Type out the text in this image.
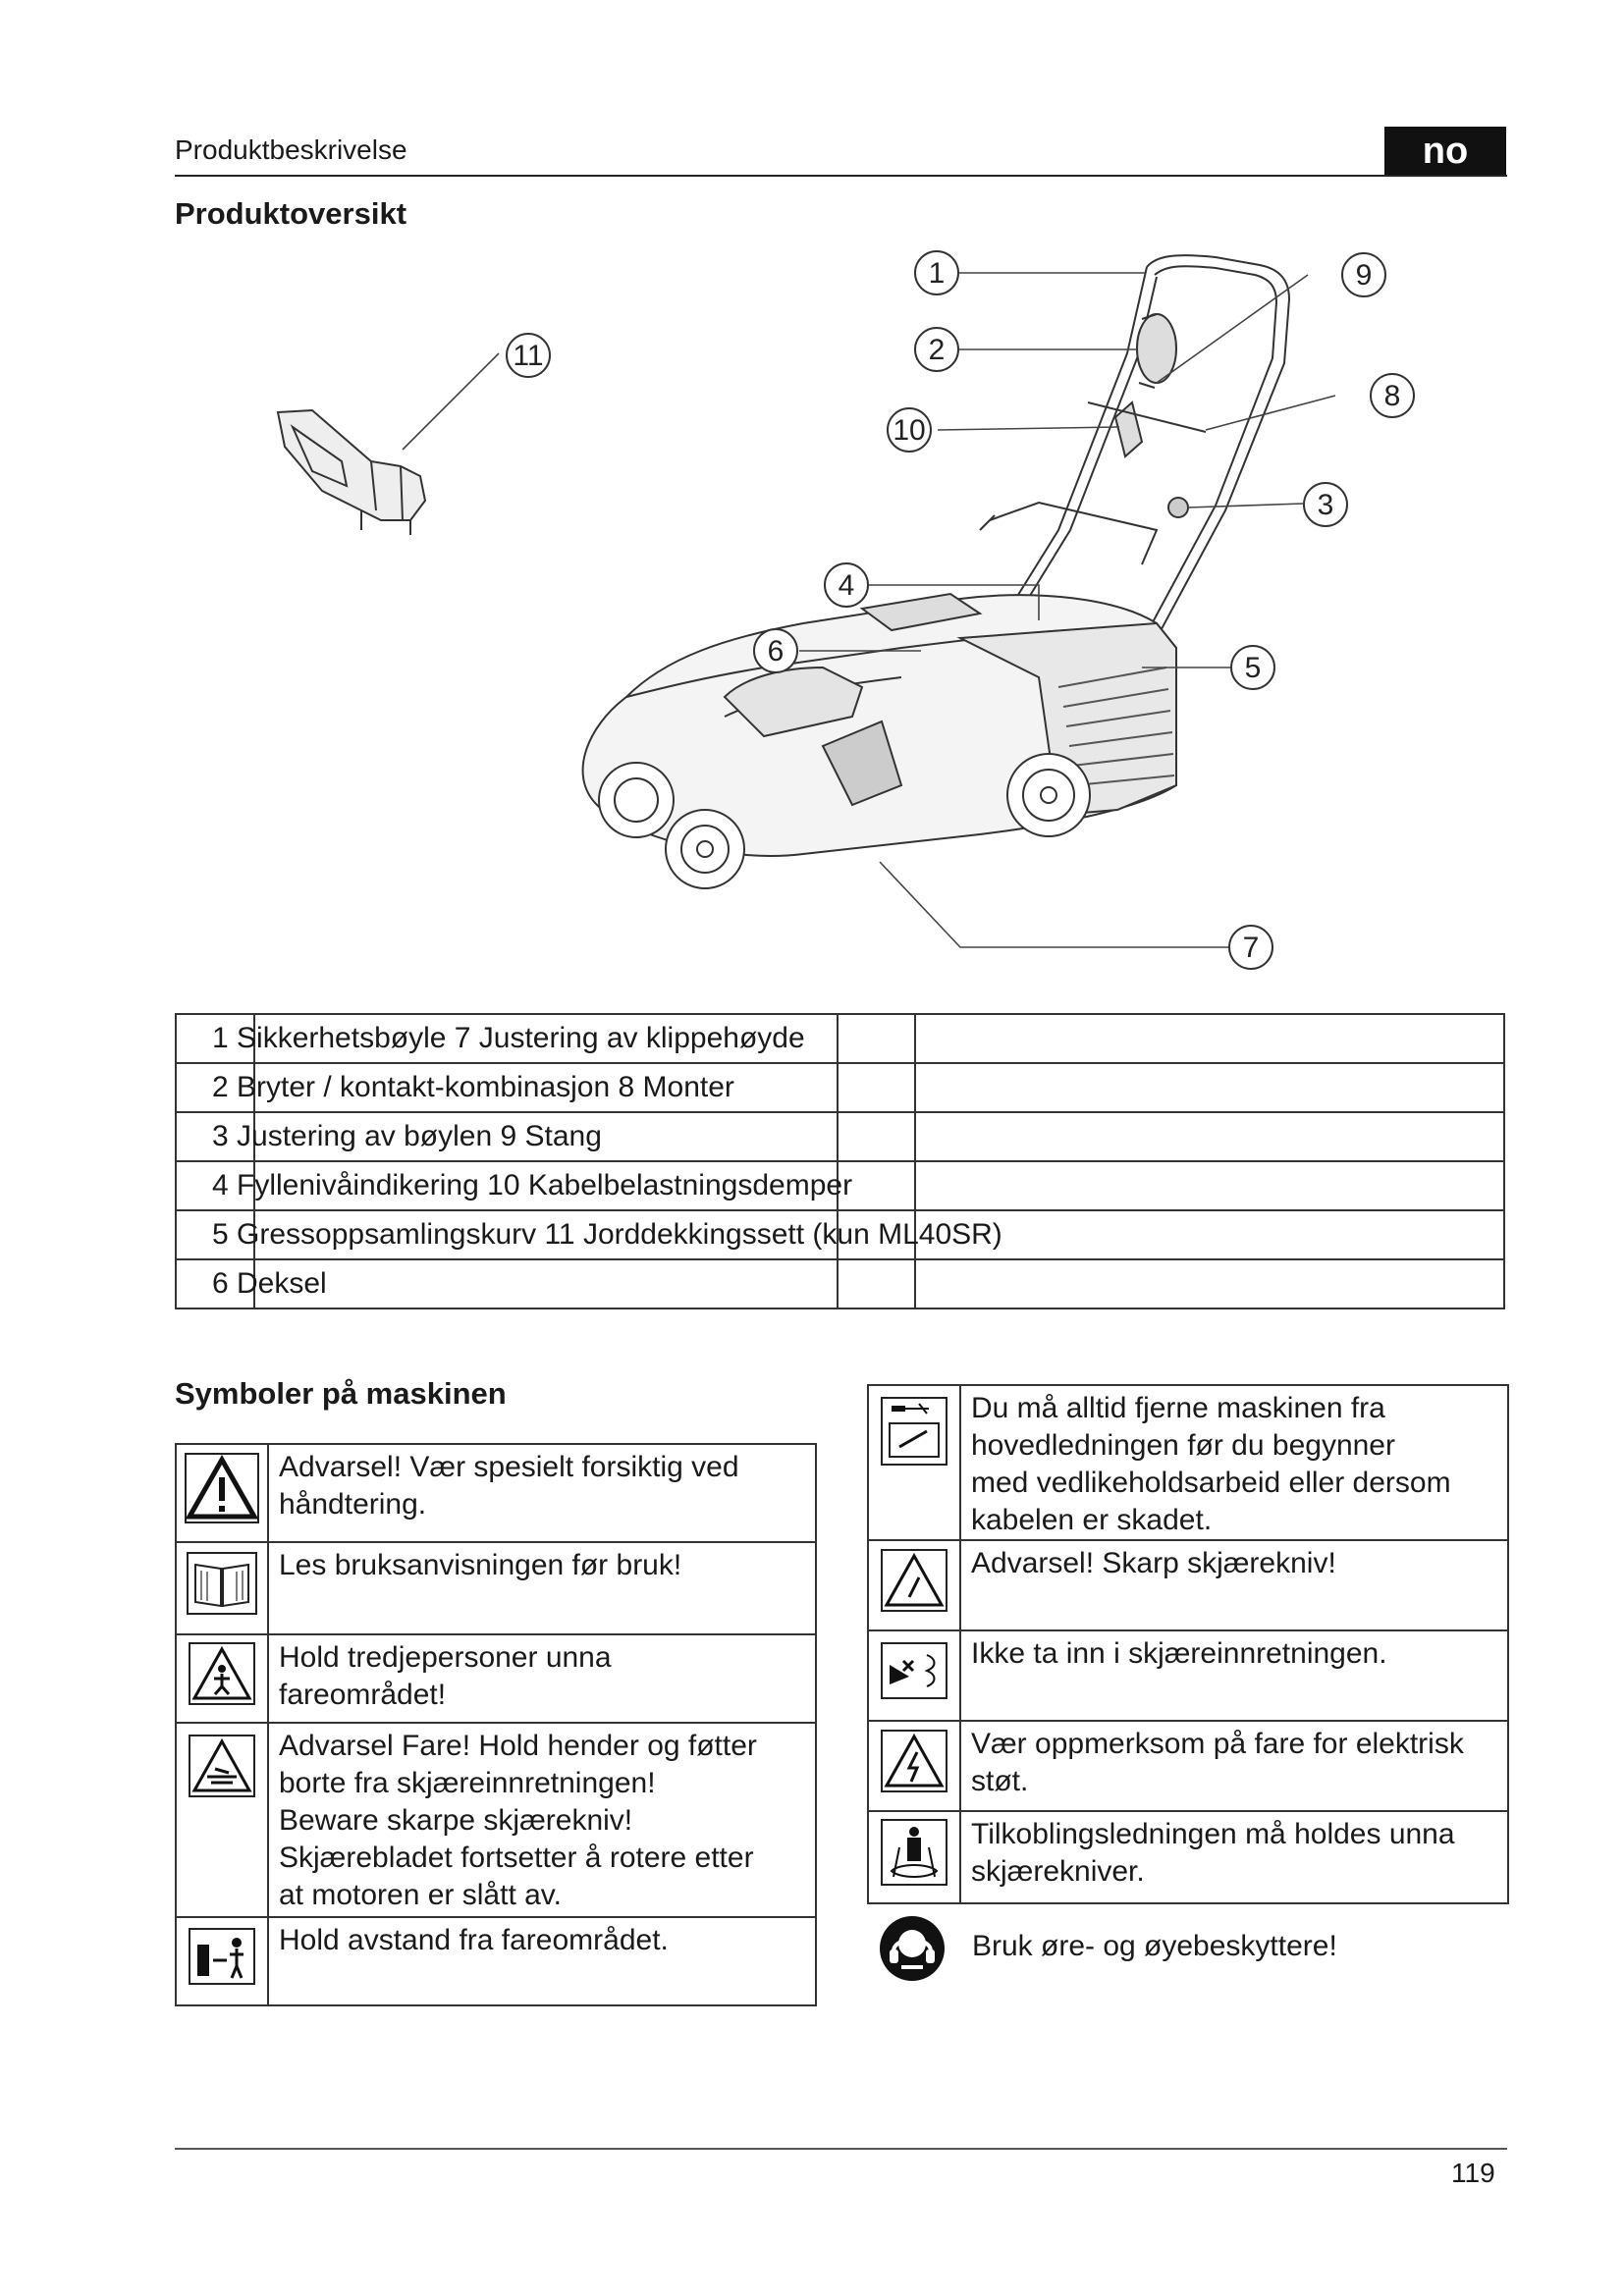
Produktbeskrivelse	no
Produktoversikt
1
2
10
9
8
3
4
6
5
7
11
1 Sikkerhetsbøyle 7 Justering av klippehøyde			

2 Bryter / kontakt-kombinasjon 8 Monter			

3 Justering av bøylen 9 Stang			

4 Fyllenivåindikering 10 Kabelbelastningsdemper			

5 Gressoppsamlingskurv 11 Jorddekkingssett (kun ML40SR)			

6 Deksel			

Symboler på maskinen

Advarsel! Vær spesielt forsiktig ved
håndtering.

Les bruksanvisningen før bruk!

Hold tredjepersoner unna
fareområdet!

Advarsel Fare! Hold hender og føtter
borte fra skjæreinnretningen!
Beware skarpe skjærekniv!
Skjærebladet fortsetter å rotere etter
at motoren er slått av.

Hold avstand fra fareområdet.

Du må alltid fjerne maskinen fra
hovedledningen før du begynner
med vedlikeholdsarbeid eller dersom
kabelen er skadet.

Advarsel! Skarp skjærekniv!

Ikke ta inn i skjæreinnretningen.

Vær oppmerksom på fare for elektrisk
støt.

Tilkoblingsledningen må holdes unna
skjærekniver.
Bruk øre- og øyebeskyttere!
119
